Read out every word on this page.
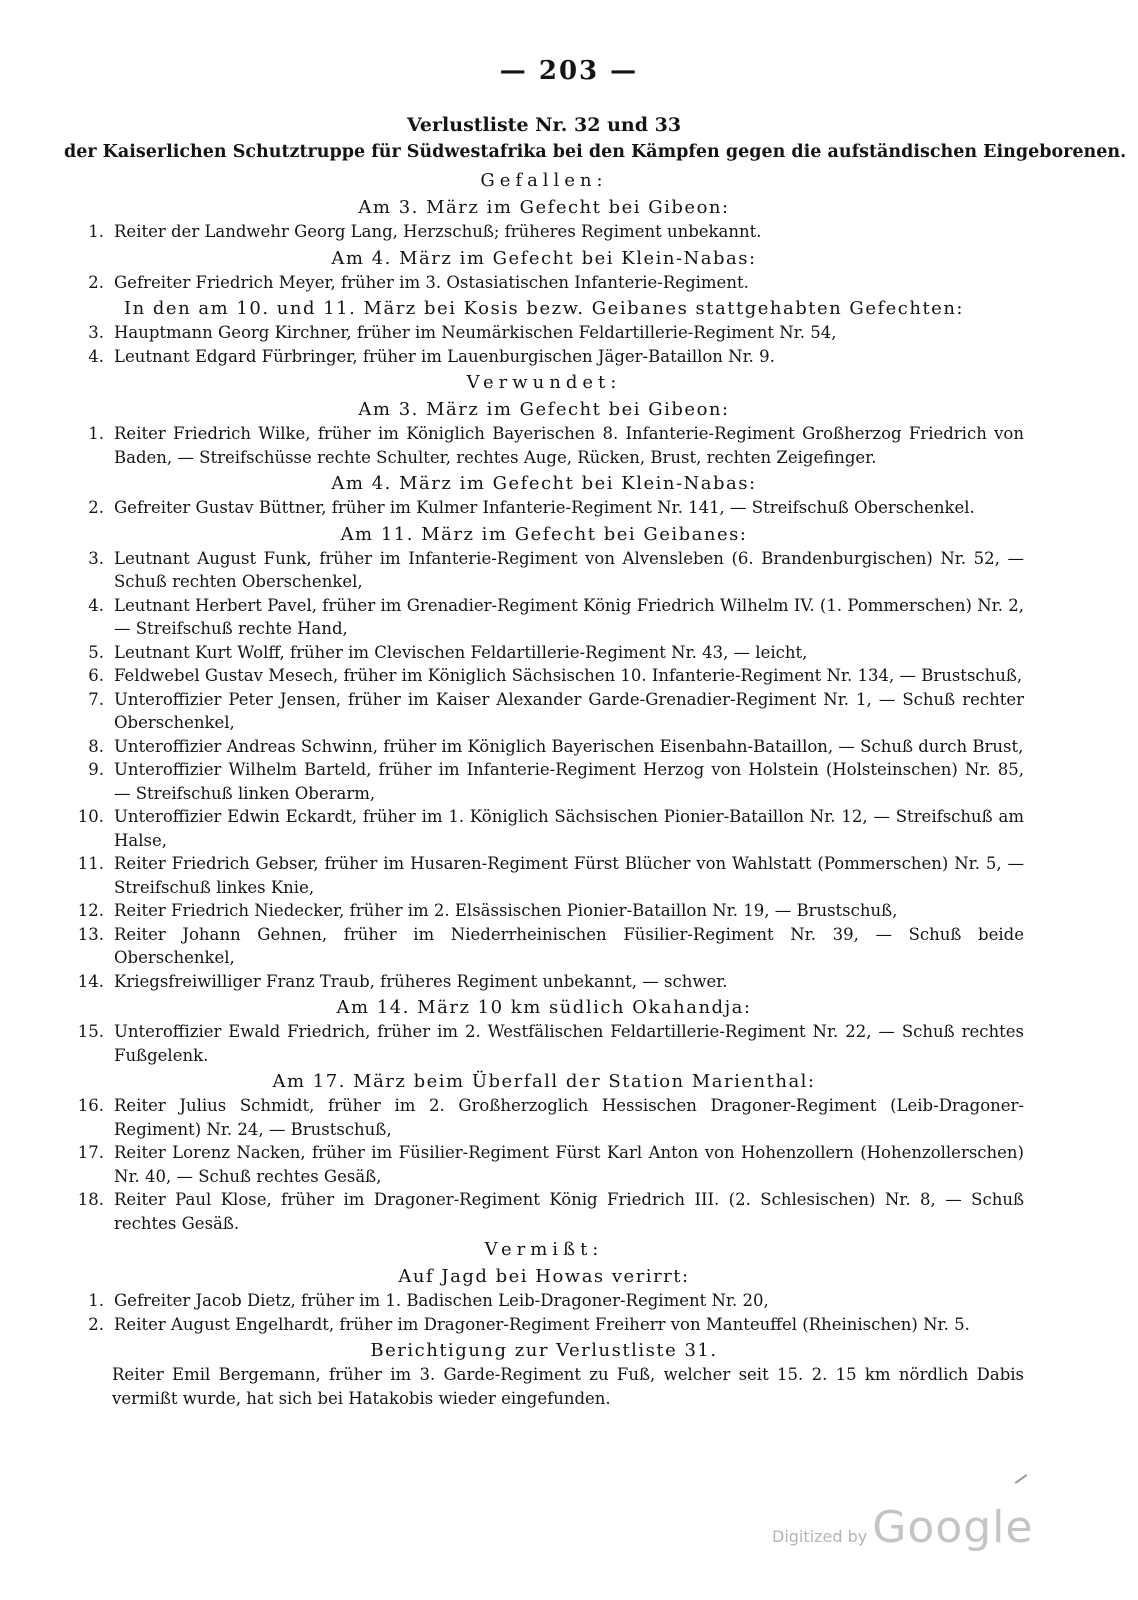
— 203 —

Verlustliste Nr. 32 und 33

der Kaiserlichen Schutztruppe für Südwestafrika bei den Kämpfen gegen die aufständischen Eingeborenen.

Gefallen:

Am 3. März im Gefecht bei Gibeon:

1. Reiter der Landwehr Georg Lang, Herzschuß; früheres Regiment unbekannt.

Am 4. März im Gefecht bei Klein-Nabas:

2. Gefreiter Friedrich Meyer, früher im 3. Ostasiatischen Infanterie-Regiment.

In den am 10. und 11. März bei Kosis bezw. Geibanes stattgehabten Gefechten:

3. Hauptmann Georg Kirchner, früher im Neumärkischen Feldartillerie-Regiment Nr. 54,
4. Leutnant Edgard Fürbringer, früher im Lauenburgischen Jäger-Bataillon Nr. 9.

Verwundet:

Am 3. März im Gefecht bei Gibeon:

1. Reiter Friedrich Wilke, früher im Königlich Bayerischen 8. Infanterie-Regiment Großherzog Friedrich von Baden, — Streifschüsse rechte Schulter, rechtes Auge, Rücken, Brust, rechten Zeigefinger.

Am 4. März im Gefecht bei Klein-Nabas:

2. Gefreiter Gustav Büttner, früher im Kulmer Infanterie-Regiment Nr. 141, — Streifschuß Oberschenkel.

Am 11. März im Gefecht bei Geibanes:

3. Leutnant August Funk, früher im Infanterie-Regiment von Alvensleben (6. Brandenburgischen) Nr. 52, — Schuß rechten Oberschenkel,
4. Leutnant Herbert Pavel, früher im Grenadier-Regiment König Friedrich Wilhelm IV. (1. Pommerschen) Nr. 2, — Streifschuß rechte Hand,
5. Leutnant Kurt Wolff, früher im Clevischen Feldartillerie-Regiment Nr. 43, — leicht,
6. Feldwebel Gustav Mesech, früher im Königlich Sächsischen 10. Infanterie-Regiment Nr. 134, — Brustschuß,
7. Unteroffizier Peter Jensen, früher im Kaiser Alexander Garde-Grenadier-Regiment Nr. 1, — Schuß rechter Oberschenkel,
8. Unteroffizier Andreas Schwinn, früher im Königlich Bayerischen Eisenbahn-Bataillon, — Schuß durch Brust,
9. Unteroffizier Wilhelm Barteld, früher im Infanterie-Regiment Herzog von Holstein (Holsteinschen) Nr. 85, — Streifschuß linken Oberarm,
10. Unteroffizier Edwin Eckardt, früher im 1. Königlich Sächsischen Pionier-Bataillon Nr. 12, — Streifschuß am Halse,
11. Reiter Friedrich Gebser, früher im Husaren-Regiment Fürst Blücher von Wahlstatt (Pommerschen) Nr. 5, — Streifschuß linkes Knie,
12. Reiter Friedrich Niedecker, früher im 2. Elsässischen Pionier-Bataillon Nr. 19, — Brustschuß,
13. Reiter Johann Gehnen, früher im Niederrheinischen Füsilier-Regiment Nr. 39, — Schuß beide Oberschenkel,
14. Kriegsfreiwilliger Franz Traub, früheres Regiment unbekannt, — schwer.

Am 14. März 10 km südlich Okahandja:

15. Unteroffizier Ewald Friedrich, früher im 2. Westfälischen Feldartillerie-Regiment Nr. 22, — Schuß rechtes Fußgelenk.

Am 17. März beim Überfall der Station Marienthal:

16. Reiter Julius Schmidt, früher im 2. Großherzoglich Hessischen Dragoner-Regiment (Leib-Dragoner-Regiment) Nr. 24, — Brustschuß,
17. Reiter Lorenz Nacken, früher im Füsilier-Regiment Fürst Karl Anton von Hohenzollern (Hohenzollerschen) Nr. 40, — Schuß rechtes Gesäß,
18. Reiter Paul Klose, früher im Dragoner-Regiment König Friedrich III. (2. Schlesischen) Nr. 8, — Schuß rechtes Gesäß.

Vermißt:

Auf Jagd bei Howas verirrt:

1. Gefreiter Jacob Dietz, früher im 1. Badischen Leib-Dragoner-Regiment Nr. 20,
2. Reiter August Engelhardt, früher im Dragoner-Regiment Freiherr von Manteuffel (Rheinischen) Nr. 5.

Berichtigung zur Verlustliste 31.

Reiter Emil Bergemann, früher im 3. Garde-Regiment zu Fuß, welcher seit 15. 2. 15 km nördlich Dabis vermißt wurde, hat sich bei Hatakobis wieder eingefunden.

Digitized by Google
